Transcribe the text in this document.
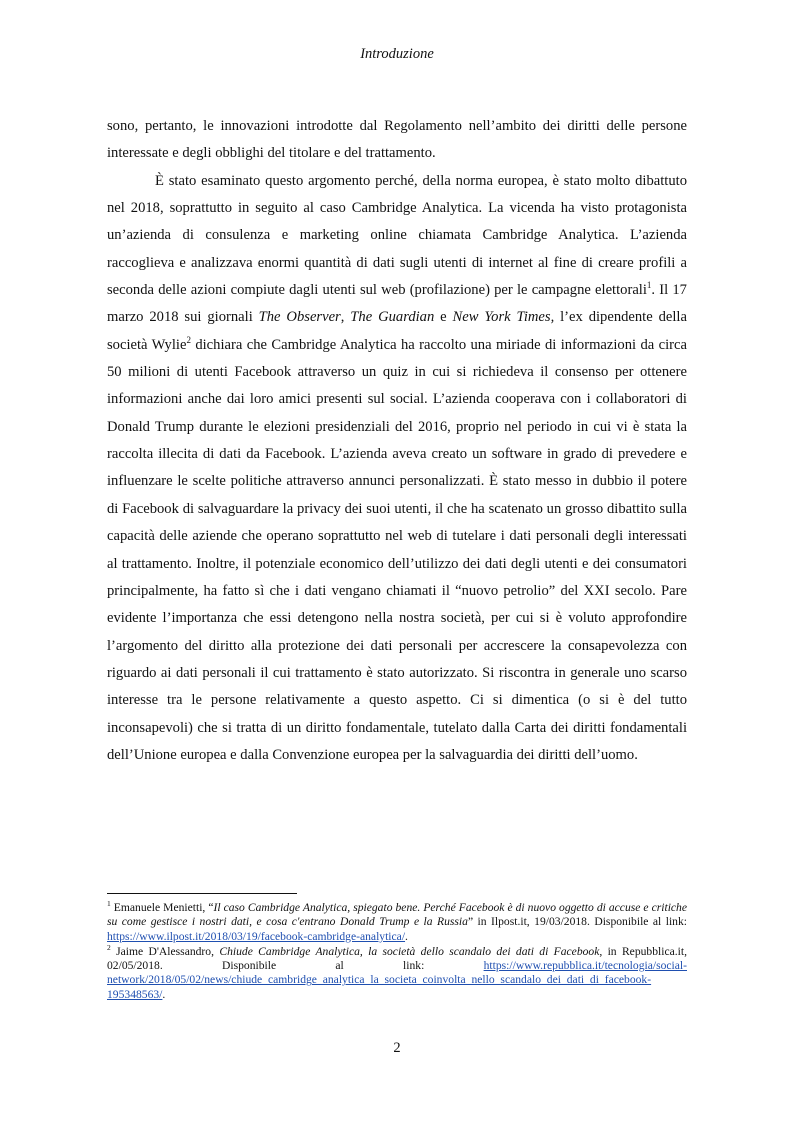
Introduzione

sono, pertanto, le innovazioni introdotte dal Regolamento nell’ambito dei diritti delle persone interessate e degli obblighi del titolare e del trattamento.

È stato esaminato questo argomento perché, della norma europea, è stato molto dibattuto nel 2018, soprattutto in seguito al caso Cambridge Analytica. La vicenda ha visto protagonista un’azienda di consulenza e marketing online chiamata Cambridge Analytica. L’azienda raccoglieva e analizzava enormi quantità di dati sugli utenti di internet al fine di creare profili a seconda delle azioni compiute dagli utenti sul web (profilazione) per le campagne elettorali$^1$. Il 17 marzo 2018 sui giornali The Observer, The Guardian e New York Times, l’ex dipendente della società Wylie$^2$ dichiara che Cambridge Analytica ha raccolto una miriade di informazioni da circa 50 milioni di utenti Facebook attraverso un quiz in cui si richiedeva il consenso per ottenere informazioni anche dai loro amici presenti sul social. L’azienda cooperava con i collaboratori di Donald Trump durante le elezioni presidenziali del 2016, proprio nel periodo in cui vi è stata la raccolta illecita di dati da Facebook. L’azienda aveva creato un software in grado di prevedere e influenzare le scelte politiche attraverso annunci personalizzati. È stato messo in dubbio il potere di Facebook di salvaguardare la privacy dei suoi utenti, il che ha scatenato un grosso dibattito sulla capacità delle aziende che operano soprattutto nel web di tutelare i dati personali degli interessati al trattamento. Inoltre, il potenziale economico dell’utilizzo dei dati degli utenti e dei consumatori principalmente, ha fatto sì che i dati vengano chiamati il “nuovo petrolio” del XXI secolo. Pare evidente l’importanza che essi detengono nella nostra società, per cui si è voluto approfondire l’argomento del diritto alla protezione dei dati personali per accrescere la consapevolezza con riguardo ai dati personali il cui trattamento è stato autorizzato. Si riscontra in generale uno scarso interesse tra le persone relativamente a questo aspetto. Ci si dimentica (o si è del tutto inconsapevoli) che si tratta di un diritto fondamentale, tutelato dalla Carta dei diritti fondamentali dell’Unione europea e dalla Convenzione europea per la salvaguardia dei diritti dell’uomo.

$^1$ Emanuele Menietti, “Il caso Cambridge Analytica, spiegato bene. Perché Facebook è di nuovo oggetto di accuse e critiche su come gestisce i nostri dati, e cosa c'entrano Donald Trump e la Russia” in Ilpost.it, 19/03/2018. Disponibile al link: https://www.ilpost.it/2018/03/19/facebook-cambridge-analytica/.

$^2$ Jaime D'Alessandro, Chiude Cambridge Analytica, la società dello scandalo dei dati di Facebook, in Repubblica.it, 02/05/2018. Disponibile al link: https://www.repubblica.it/tecnologia/social-network/2018/05/02/news/chiude_cambridge_analytica_la_societa_coinvolta_nello_scandalo_dei_dati_di_facebook-195348563/.

2
